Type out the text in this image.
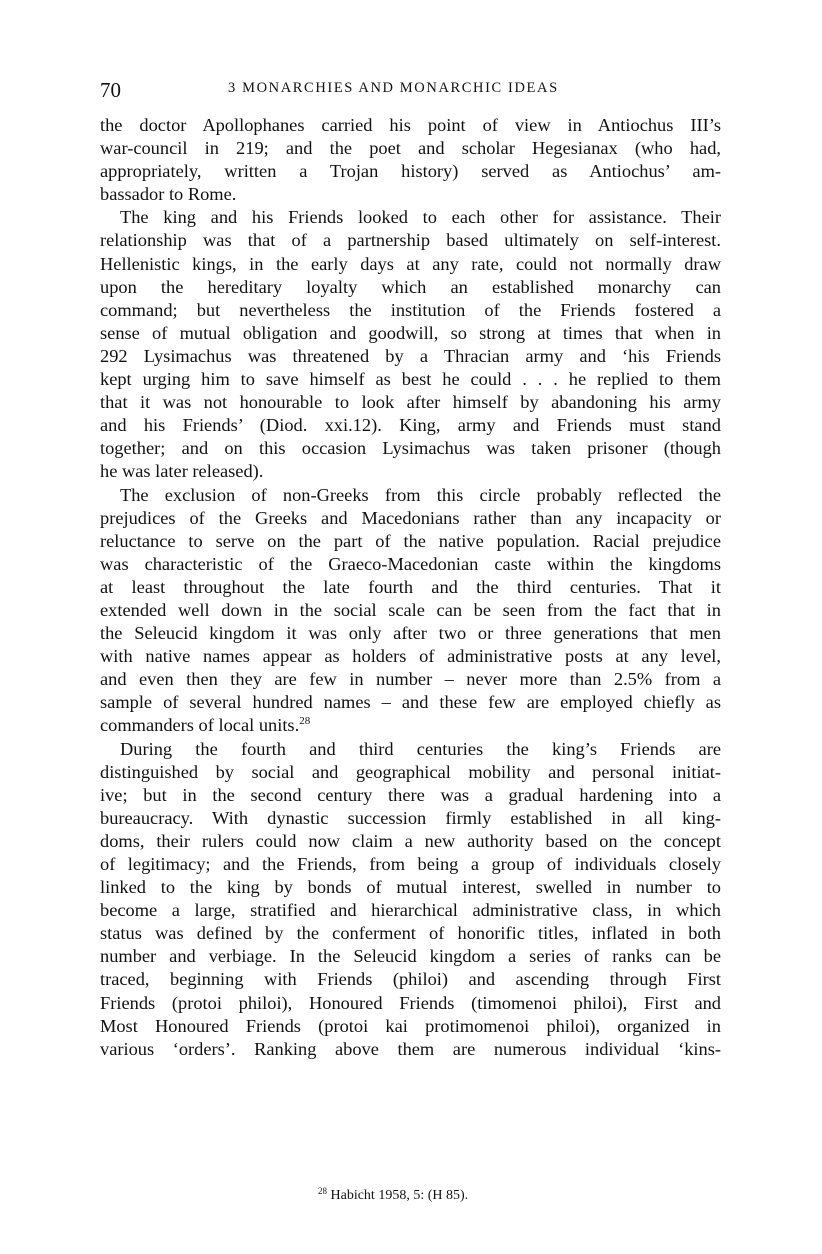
70	3 MONARCHIES AND MONARCHIC IDEAS
the doctor Apollophanes carried his point of view in Antiochus III’s
war-council in 219; and the poet and scholar Hegesianax (who had,
appropriately, written a Trojan history) served as Antiochus’ am-
bassador to Rome.
The king and his Friends looked to each other for assistance. Their
relationship was that of a partnership based ultimately on self-interest.
Hellenistic kings, in the early days at any rate, could not normally draw
upon the hereditary loyalty which an established monarchy can
command; but nevertheless the institution of the Friends fostered a
sense of mutual obligation and goodwill, so strong at times that when in
292 Lysimachus was threatened by a Thracian army and ‘his Friends
kept urging him to save himself as best he could . . . he replied to them
that it was not honourable to look after himself by abandoning his army
and his Friends’ (Diod. xxi.12). King, army and Friends must stand
together; and on this occasion Lysimachus was taken prisoner (though
he was later released).
The exclusion of non-Greeks from this circle probably reflected the
prejudices of the Greeks and Macedonians rather than any incapacity or
reluctance to serve on the part of the native population. Racial prejudice
was characteristic of the Graeco-Macedonian caste within the kingdoms
at least throughout the late fourth and the third centuries. That it
extended well down in the social scale can be seen from the fact that in
the Seleucid kingdom it was only after two or three generations that men
with native names appear as holders of administrative posts at any level,
and even then they are few in number – never more than 2.5% from a
sample of several hundred names – and these few are employed chiefly as
commanders of local units.$^{28}$
During the fourth and third centuries the king’s Friends are
distinguished by social and geographical mobility and personal initiat-
ive; but in the second century there was a gradual hardening into a
bureaucracy. With dynastic succession firmly established in all king-
doms, their rulers could now claim a new authority based on the concept
of legitimacy; and the Friends, from being a group of individuals closely
linked to the king by bonds of mutual interest, swelled in number to
become a large, stratified and hierarchical administrative class, in which
status was defined by the conferment of honorific titles, inflated in both
number and verbiage. In the Seleucid kingdom a series of ranks can be
traced, beginning with Friends (philoi) and ascending through First
Friends (protoi philoi), Honoured Friends (timomenoi philoi), First and
Most Honoured Friends (protoi kai protimomenoi philoi), organized in
various ‘orders’. Ranking above them are numerous individual ‘kins-
$^{28}$ Habicht 1958, 5: (H 85).
